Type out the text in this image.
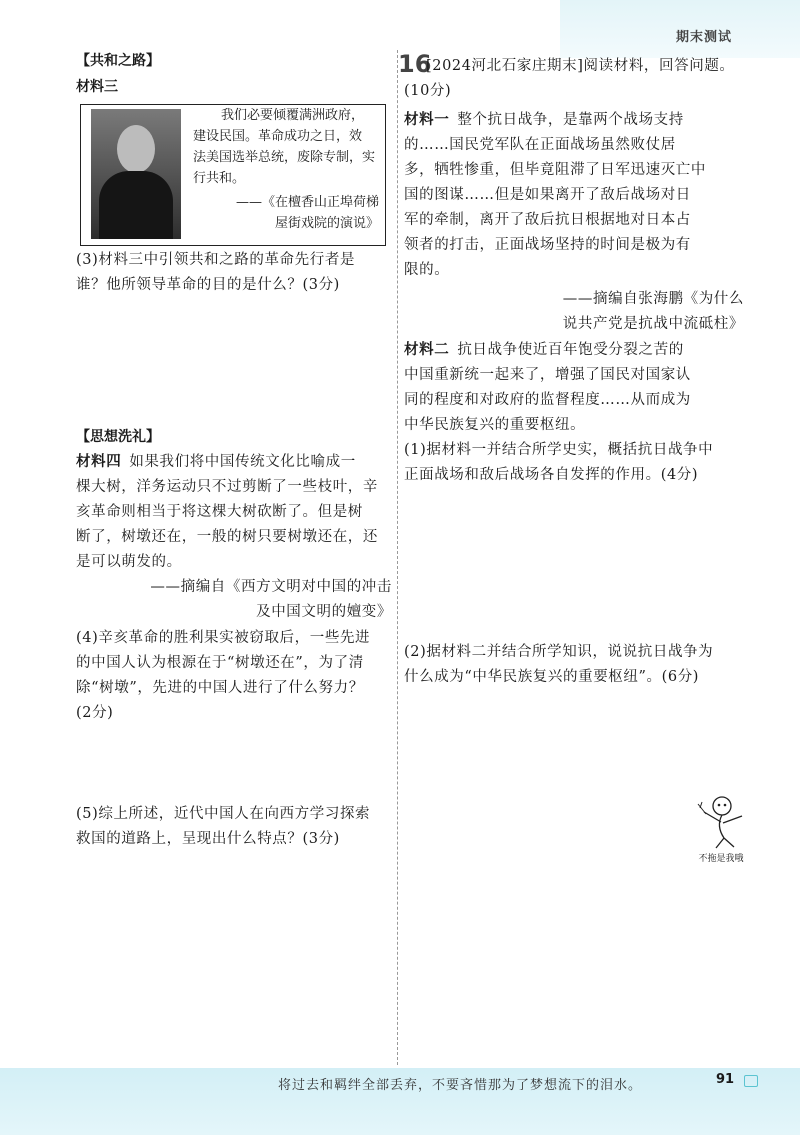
期末测试
【共和之路】
材料三
我们必要倾覆满洲政府，
建设民国。革命成功之日，效
法美国选举总统，废除专制，实
行共和。
——《在檀香山正埠荷梯
屋街戏院的演说》
(3)材料三中引领共和之路的革命先行者是
谁？他所领导革命的目的是什么？(3分)
【思想洗礼】
材料四 如果我们将中国传统文化比喻成一
棵大树，洋务运动只不过剪断了一些枝叶，辛
亥革命则相当于将这棵大树砍断了。但是树
断了，树墩还在，一般的树只要树墩还在，还
是可以萌发的。
——摘编自《西方文明对中国的冲击
及中国文明的嬗变》
(4)辛亥革命的胜利果实被窃取后，一些先进
的中国人认为根源在于“树墩还在”，为了清
除“树墩”，先进的中国人进行了什么努力？
(2分)
(5)综上所述，近代中国人在向西方学习探索
救国的道路上，呈现出什么特点？(3分)
16
[2024河北石家庄期末]阅读材料，回答问题。
(10分)
材料一 整个抗日战争，是靠两个战场支持
的……国民党军队在正面战场虽然败仗居
多，牺牲惨重，但毕竟阻滞了日军迅速灭亡中
国的图谋……但是如果离开了敌后战场对日
军的牵制，离开了敌后抗日根据地对日本占
领者的打击，正面战场坚持的时间是极为有
限的。
——摘编自张海鹏《为什么
说共产党是抗战中流砥柱》
材料二 抗日战争使近百年饱受分裂之苦的
中国重新统一起来了，增强了国民对国家认
同的程度和对政府的监督程度……从而成为
中华民族复兴的重要枢纽。
(1)据材料一并结合所学史实，概括抗日战争中
正面战场和敌后战场各自发挥的作用。(4分)
(2)据材料二并结合所学知识，说说抗日战争为
什么成为“中华民族复兴的重要枢纽”。(6分)
不拖是我哦
将过去和羁绊全部丢弃，不要吝惜那为了梦想流下的泪水。	91
